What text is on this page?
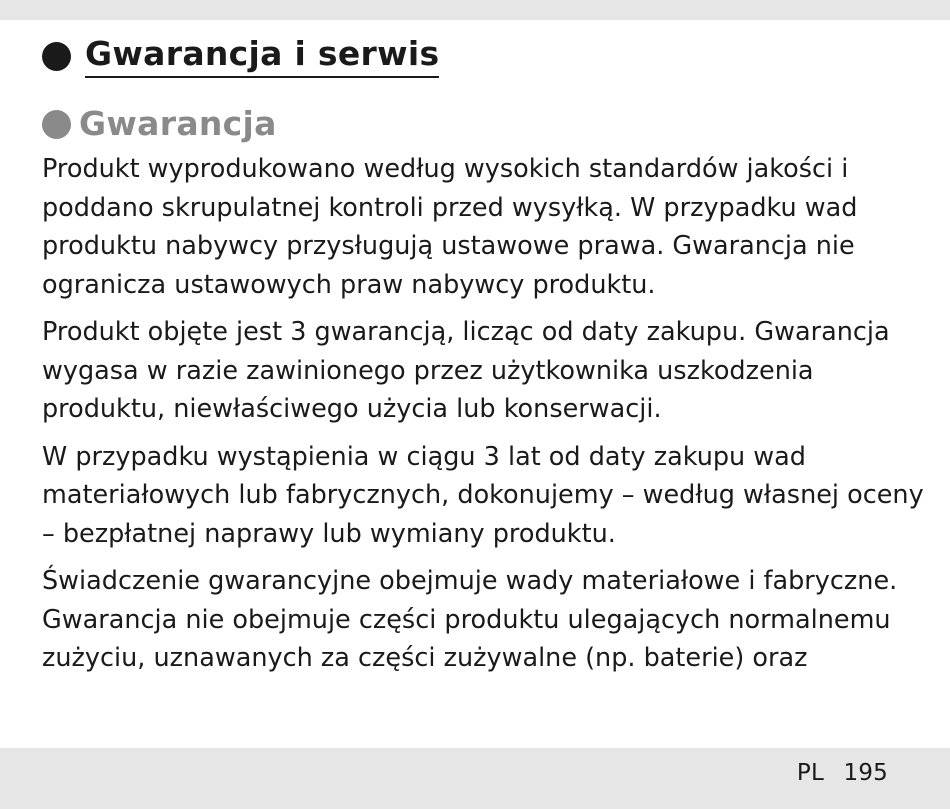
Gwarancja i serwis
Gwarancja

Produkt wyprodukowano według wysokich standardów jakości i
poddano skrupulatnej kontroli przed wysyłką. W przypadku wad
produktu nabywcy przysługują ustawowe prawa. Gwarancja nie
ogranicza ustawowych praw nabywcy produktu.

Produkt objęte jest 3 gwarancją, licząc od daty zakupu. Gwarancja
wygasa w razie zawinionego przez użytkownika uszkodzenia
produktu, niewłaściwego użycia lub konserwacji.

W przypadku wystąpienia w ciągu 3 lat od daty zakupu wad
materiałowych lub fabrycznych, dokonujemy – według własnej oceny
– bezpłatnej naprawy lub wymiany produktu.

Świadczenie gwarancyjne obejmuje wady materiałowe i fabryczne.
Gwarancja nie obejmuje części produktu ulegających normalnemu
zużyciu, uznawanych za części zużywalne (np. baterie) oraz

PL 195
